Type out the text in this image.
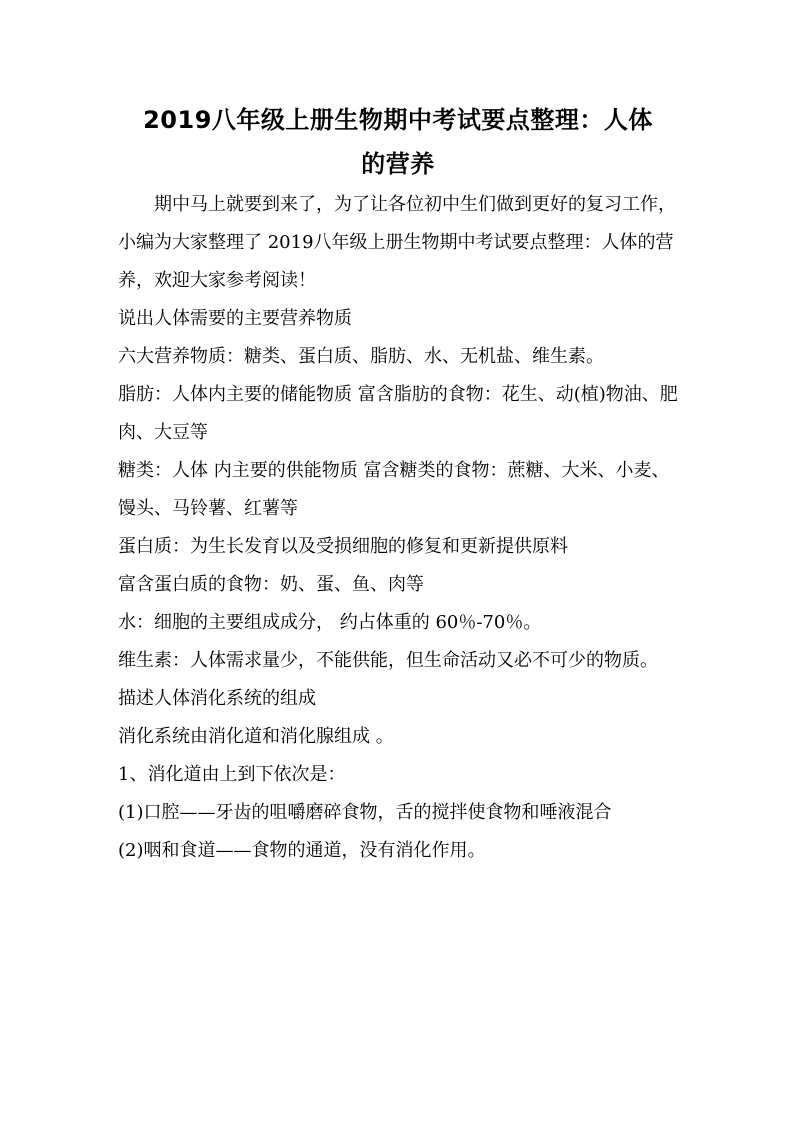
2019八年级上册生物期中考试要点整理：人体
的营养

期中马上就要到来了，为了让各位初中生们做到更好的复习工作，小编为大家整理了 2019八年级上册生物期中考试要点整理：人体的营养，欢迎大家参考阅读！

说出人体需要的主要营养物质

六大营养物质：糖类、蛋白质、脂肪、水、无机盐、维生素。

脂肪：人体内主要的储能物质 富含脂肪的食物：花生、动(植)物油、肥肉、大豆等

糖类：人体 内主要的供能物质 富含糖类的食物：蔗糖、大米、小麦、馒头、马铃薯、红薯等

蛋白质：为生长发育以及受损细胞的修复和更新提供原料

富含蛋白质的食物：奶、蛋、鱼、肉等

水：细胞的主要组成成分， 约占体重的 60％-70％。

维生素：人体需求量少，不能供能，但生命活动又必不可少的物质。

描述人体消化系统的组成

消化系统由消化道和消化腺组成 。

1、消化道由上到下依次是：

(1)口腔——牙齿的咀嚼磨碎食物，舌的搅拌使食物和唾液混合

(2)咽和食道——食物的通道，没有消化作用。
